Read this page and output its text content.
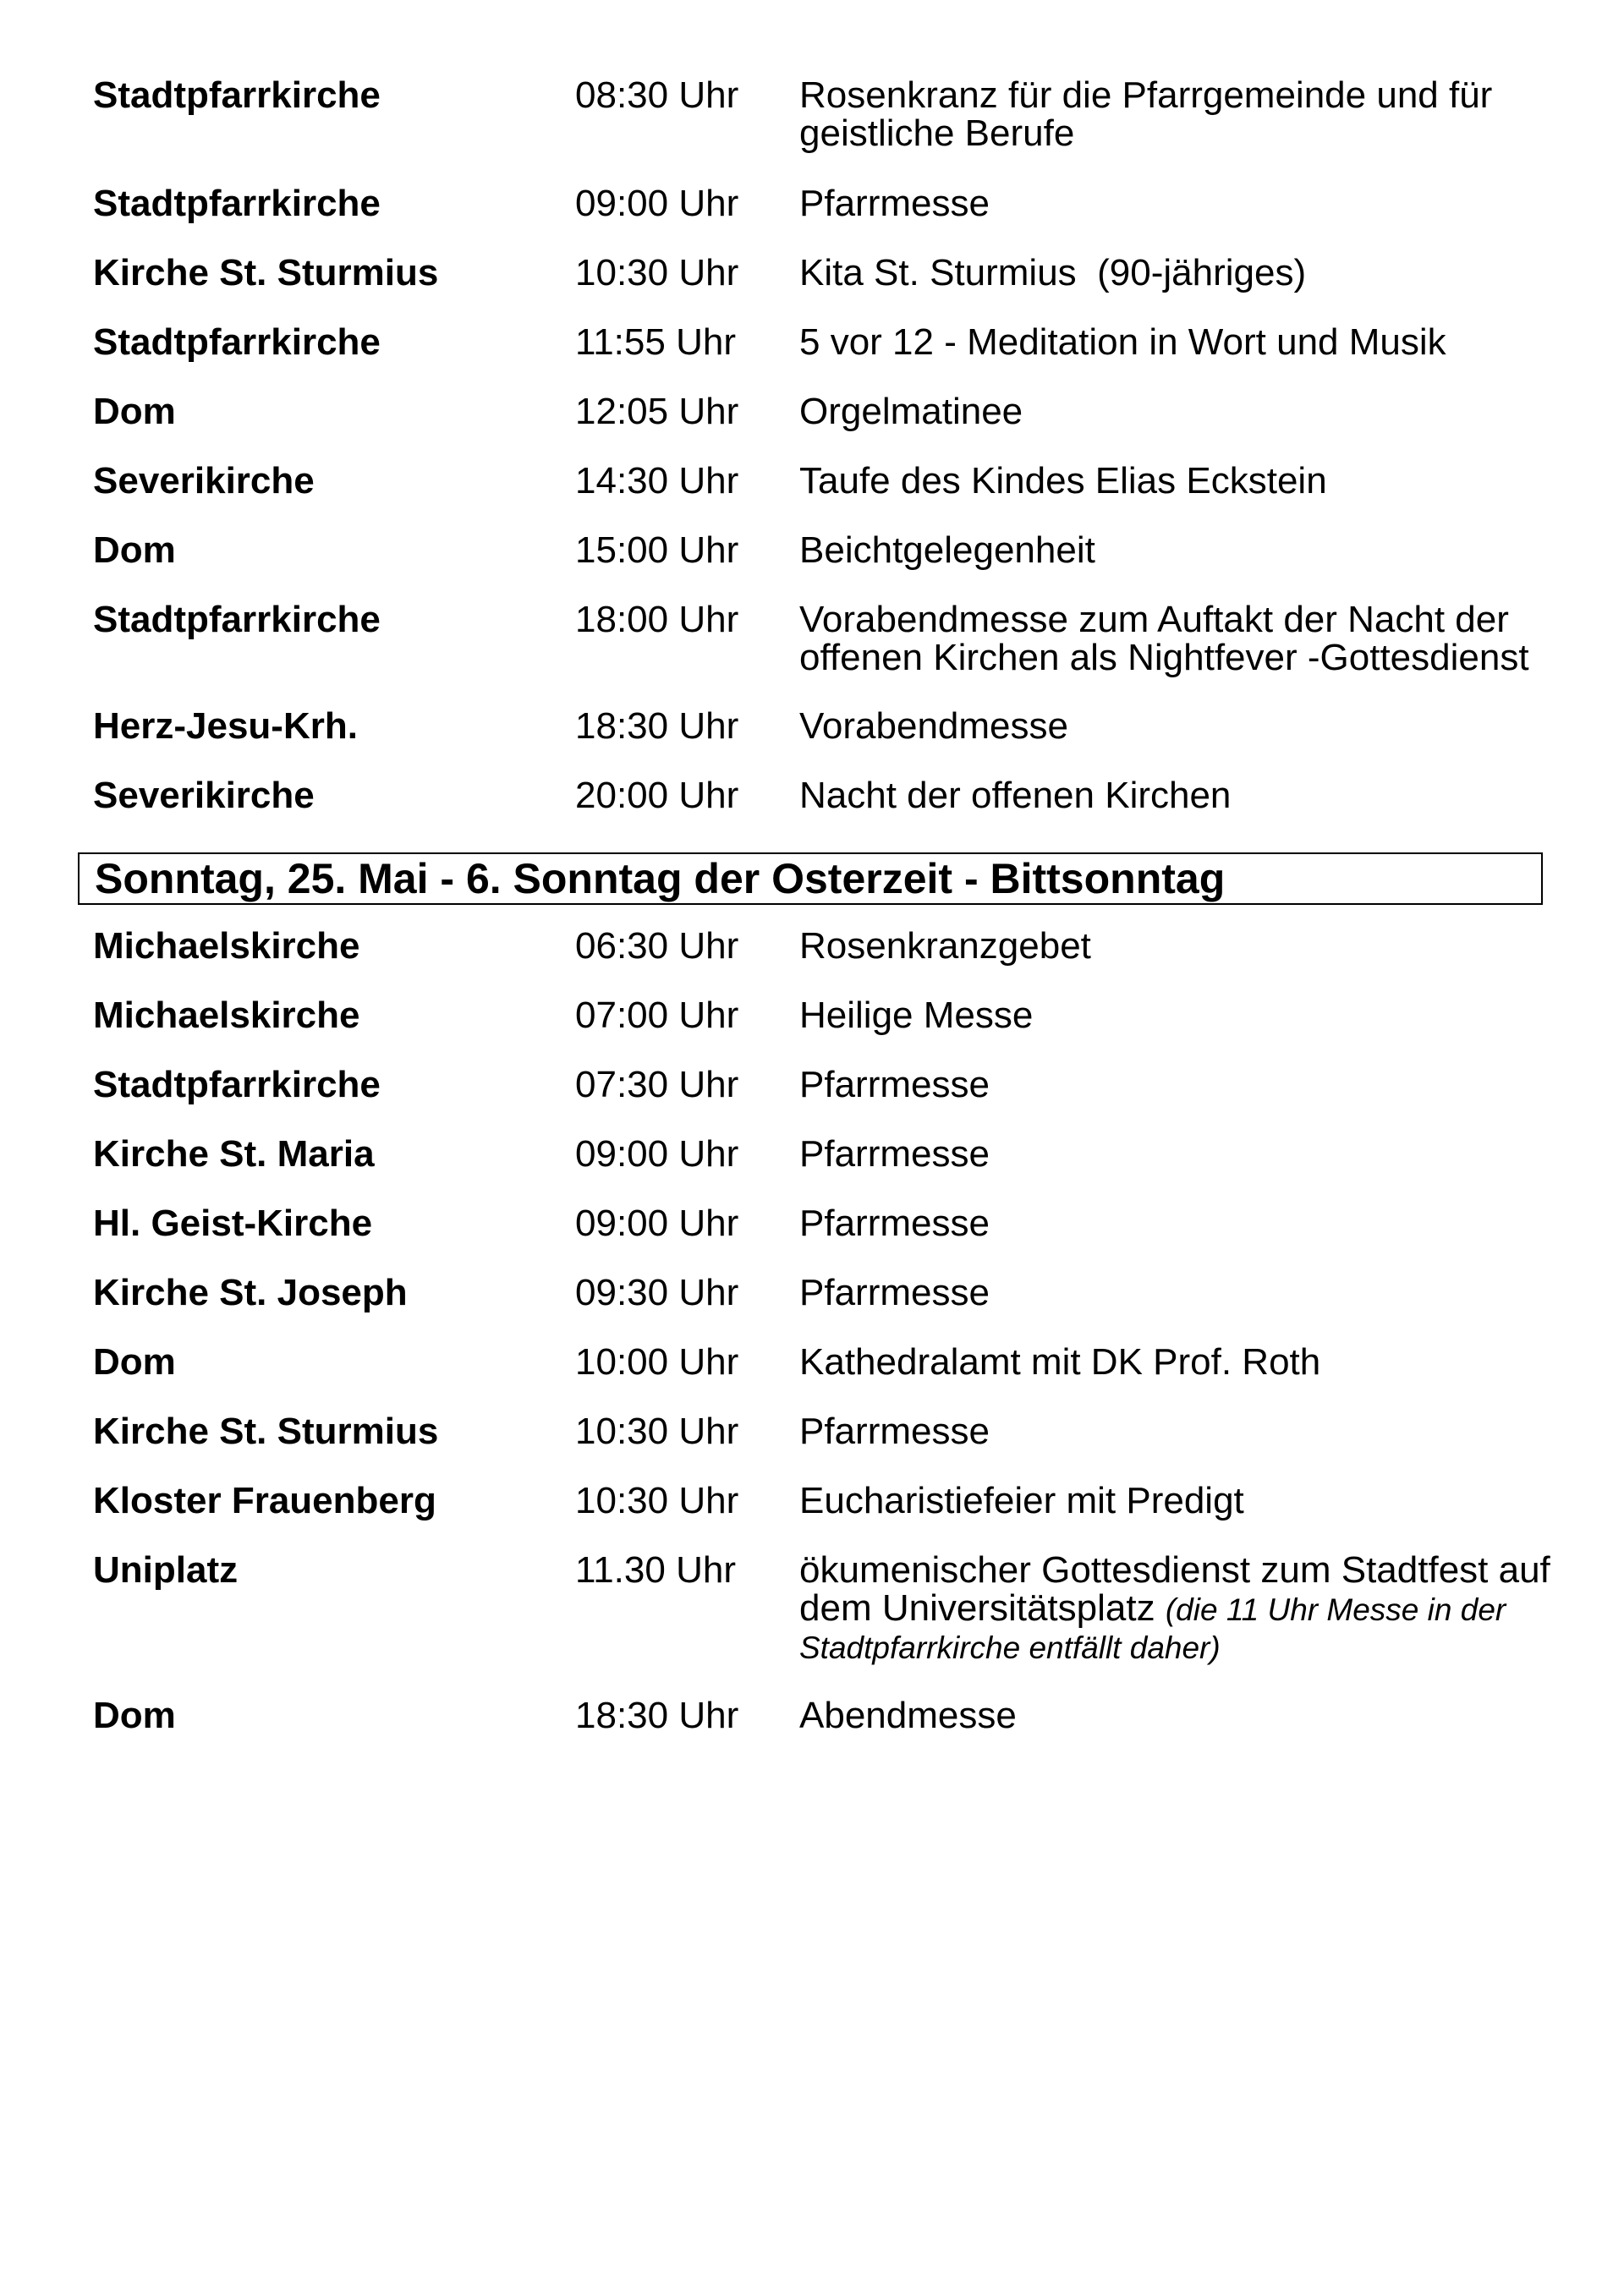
Stadtpfarrkirche	08:30 Uhr	Rosenkranz für die Pfarrgemeinde und für
geistliche Berufe
Stadtpfarrkirche	09:00 Uhr	Pfarrmesse
Kirche St. Sturmius	10:30 Uhr	Kita St. Sturmius  (90-jähriges)
Stadtpfarrkirche	11:55 Uhr	5 vor 12 - Meditation in Wort und Musik
Dom	12:05 Uhr	Orgelmatinee
Severikirche	14:30 Uhr	Taufe des Kindes Elias Eckstein
Dom	15:00 Uhr	Beichtgelegenheit
Stadtpfarrkirche	18:00 Uhr	Vorabendmesse zum Auftakt der Nacht der
offenen Kirchen als Nightfever -Gottesdienst
Herz-Jesu-Krh.	18:30 Uhr	Vorabendmesse
Severikirche	20:00 Uhr	Nacht der offenen Kirchen
Sonntag, 25. Mai - 6. Sonntag der Osterzeit - Bittsonntag
Michaelskirche	06:30 Uhr	Rosenkranzgebet
Michaelskirche	07:00 Uhr	Heilige Messe
Stadtpfarrkirche	07:30 Uhr	Pfarrmesse
Kirche St. Maria	09:00 Uhr	Pfarrmesse
Hl. Geist-Kirche	09:00 Uhr	Pfarrmesse
Kirche St. Joseph	09:30 Uhr	Pfarrmesse
Dom	10:00 Uhr	Kathedralamt mit DK Prof. Roth
Kirche St. Sturmius	10:30 Uhr	Pfarrmesse
Kloster Frauenberg	10:30 Uhr	Eucharistiefeier mit Predigt
Uniplatz	11.30 Uhr	ökumenischer Gottesdienst zum Stadtfest auf
dem Universitätsplatz (die 11 Uhr Messe in der
Stadtpfarrkirche entfällt daher)
Dom	18:30 Uhr	Abendmesse
